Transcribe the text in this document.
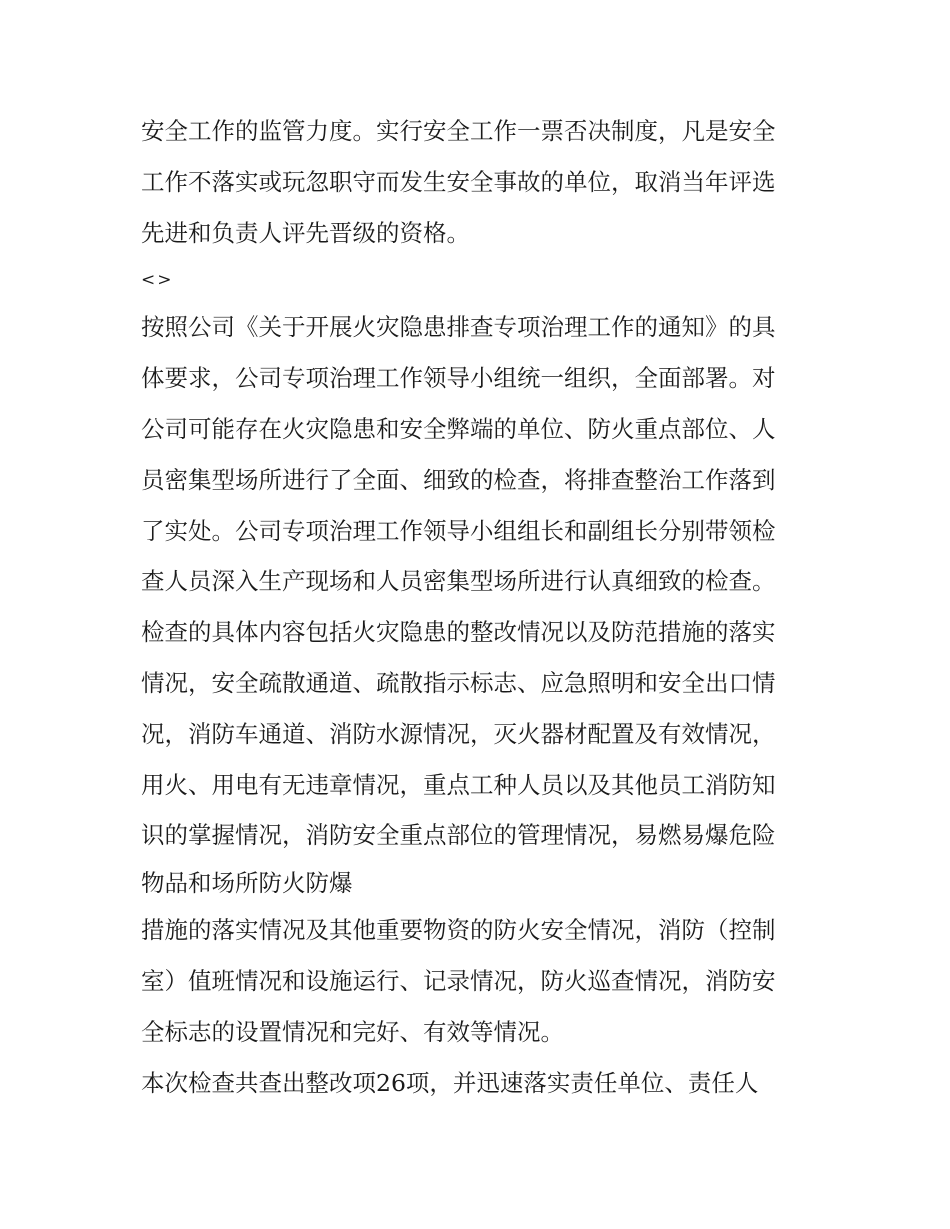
安全工作的监管力度。实行安全工作一票否决制度，凡是安全
工作不落实或玩忽职守而发生安全事故的单位，取消当年评选
先进和负责人评先晋级的资格。
<>
按照公司《关于开展火灾隐患排查专项治理工作的通知》的具
体要求，公司专项治理工作领导小组统一组织，全面部署。对
公司可能存在火灾隐患和安全弊端的单位、防火重点部位、人
员密集型场所进行了全面、细致的检查，将排查整治工作落到
了实处。公司专项治理工作领导小组组长和副组长分别带领检
查人员深入生产现场和人员密集型场所进行认真细致的检查。
检查的具体内容包括火灾隐患的整改情况以及防范措施的落实
情况，安全疏散通道、疏散指示标志、应急照明和安全出口情
况，消防车通道、消防水源情况，灭火器材配置及有效情况，
用火、用电有无违章情况，重点工种人员以及其他员工消防知
识的掌握情况，消防安全重点部位的管理情况，易燃易爆危险
物品和场所防火防爆
措施的落实情况及其他重要物资的防火安全情况，消防（控制
室）值班情况和设施运行、记录情况，防火巡查情况，消防安
全标志的设置情况和完好、有效等情况。
本次检查共查出整改项26项，并迅速落实责任单位、责任人
